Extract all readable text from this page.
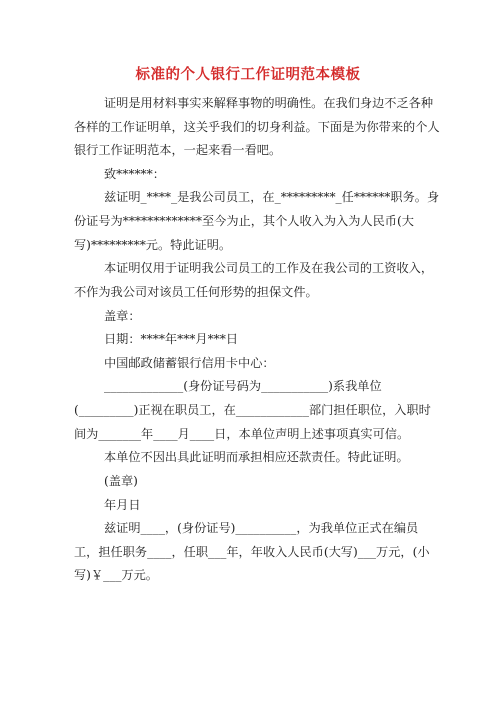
标准的个人银行工作证明范本模板

证明是用材料事实来解释事物的明确性。在我们身边不乏各种各样的工作证明单，这关乎我们的切身利益。下面是为你带来的个人银行工作证明范本，一起来看一看吧。

致******：

兹证明_****_是我公司员工，在_*********_任******职务。身份证号为*************至今为止，其个人收入为入为人民币(大写)*********元。特此证明。

本证明仅用于证明我公司员工的工作及在我公司的工资收入，不作为我公司对该员工任何形势的担保文件。

盖章：

日期：****年***月***日

中国邮政储蓄银行信用卡中心：

_____________(身份证号码为___________)系我单位(_________)正视在职员工，在____________部门担任职位，入职时间为_______年____月____日，本单位声明上述事项真实可信。

本单位不因出具此证明而承担相应还款责任。特此证明。

(盖章)

年月日

兹证明____，(身份证号)__________，为我单位正式在编员工，担任职务____，任职___年，年收入人民币(大写)___万元，(小写)￥___万元。
